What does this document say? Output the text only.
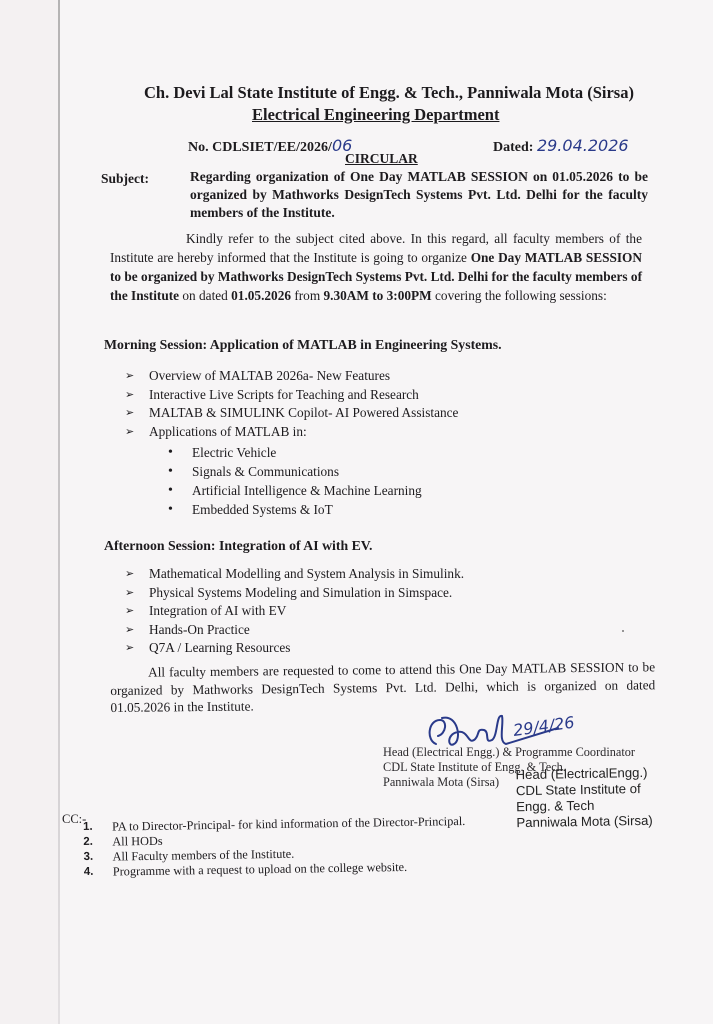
Ch. Devi Lal State Institute of Engg. & Tech., Panniwala Mota (Sirsa)
Electrical Engineering Department
No. CDLSIET/EE/2026/06	Dated: 29.04.2026
CIRCULAR
Subject:	Regarding organization of One Day MATLAB SESSION on 01.05.2026 to be organized by Mathworks DesignTech Systems Pvt. Ltd. Delhi for the faculty members of the Institute.
Kindly refer to the subject cited above. In this regard, all faculty members of the Institute are hereby informed that the Institute is going to organize One Day MATLAB SESSION to be organized by Mathworks DesignTech Systems Pvt. Ltd. Delhi for the faculty members of the Institute on dated 01.05.2026 from 9.30AM to 3:00PM covering the following sessions:
Morning Session: Application of MATLAB in Engineering Systems.
➢ Overview of MALTAB 2026a- New Features
➢ Interactive Live Scripts for Teaching and Research
➢ MALTAB & SIMULINK Copilot- AI Powered Assistance
➢ Applications of MATLAB in:
• Electric Vehicle
• Signals & Communications
• Artificial Intelligence & Machine Learning
• Embedded Systems & IoT
Afternoon Session: Integration of AI with EV.
➢ Mathematical Modelling and System Analysis in Simulink.
➢ Physical Systems Modeling and Simulation in Simspace.
➢ Integration of AI with EV
➢ Hands-On Practice
➢ Q7A / Learning Resources
All faculty members are requested to come to attend this One Day MATLAB SESSION to be organized by Mathworks DesignTech Systems Pvt. Ltd. Delhi, which is organized on dated 01.05.2026 in the Institute.
Head (Electrical Engg.) & Programme Coordinator
CDL State Institute of Engg. & Tech.
Panniwala Mota (Sirsa)
29/4/26
Head (ElectricalEngg.)
CDL State Institute of
Engg. & Tech
Panniwala Mota (Sirsa)
CC:-
1. PA to Director-Principal- for kind information of the Director-Principal.
2. All HODs
3. All Faculty members of the Institute.
4. Programme with a request to upload on the college website.
